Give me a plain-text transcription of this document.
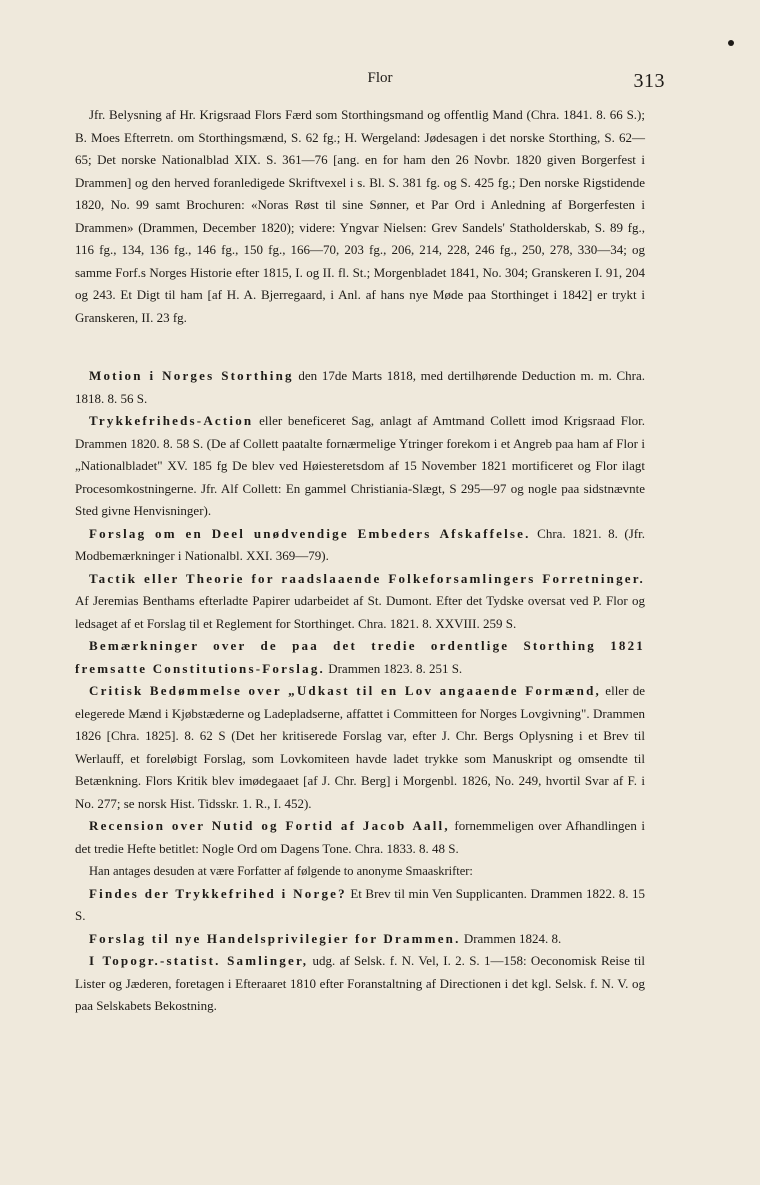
Flor	313

Jfr. Belysning af Hr. Krigsraad Flors Færd som Storthingsmand og offentlig Mand (Chra. 1841. 8. 66 S.); B. Moes Efterretn. om Storthingsmænd, S. 62 fg.; H. Wergeland: Jødesagen i det norske Storthing, S. 62—65; Det norske Nationalblad XIX. S. 361—76 [ang. en for ham den 26 Novbr. 1820 given Borgerfest i Drammen] og den herved foranledigede Skriftvexel i s. Bl. S. 381 fg. og S. 425 fg.; Den norske Rigstidende 1820, No. 99 samt Brochuren: «Noras Røst til sine Sønner, et Par Ord i Anledning af Borgerfesten i Drammen» (Drammen, December 1820); videre: Yngvar Nielsen: Grev Sandels' Statholderskab, S. 89 fg., 116 fg., 134, 136 fg., 146 fg., 150 fg., 166—70, 203 fg., 206, 214, 228, 246 fg., 250, 278, 330—34; og samme Forf.s Norges Historie efter 1815, I. og II. fl. St.; Morgenbladet 1841, No. 304; Granskeren I. 91, 204 og 243. Et Digt til ham [af H. A. Bjerregaard, i Anl. af hans nye Møde paa Storthinget i 1842] er trykt i Granskeren, II. 23 fg.

Motion i Norges Storthing den 17de Marts 1818, med dertilhørende Deduction m. m. Chra. 1818. 8. 56 S.

Trykkefriheds-Action eller beneficeret Sag, anlagt af Amtmand Collett imod Krigsraad Flor. Drammen 1820. 8. 58 S. (De af Collett paatalte fornærmelige Ytringer forekom i et Angreb paa ham af Flor i „Nationalbladet" XV. 185 fg De blev ved Høiesteretsdom af 15 November 1821 mortificeret og Flor ilagt Procesomkostningerne. Jfr. Alf Collett: En gammel Christiania-Slægt, S 295—97 og nogle paa sidstnævnte Sted givne Henvisninger).

Forslag om en Deel unødvendige Embeders Afskaffelse. Chra. 1821. 8. (Jfr. Modbemærkninger i Nationalbl. XXI. 369—79).

Tactik eller Theorie for raadslaaende Folkeforsamlingers Forretninger. Af Jeremias Benthams efterladte Papirer udarbeidet af St. Dumont. Efter det Tydske oversat ved P. Flor og ledsaget af et Forslag til et Reglement for Storthinget. Chra. 1821. 8. XXVIII. 259 S.

Bemærkninger over de paa det tredie ordentlige Storthing 1821 fremsatte Constitutions-Forslag. Drammen 1823. 8. 251 S.

Critisk Bedømmelse over „Udkast til en Lov angaaende Formænd, eller de elegerede Mænd i Kjøbstæderne og Ladepladserne, affattet i Committeen for Norges Lovgivning". Drammen 1826 [Chra. 1825]. 8. 62 S (Det her kritiserede Forslag var, efter J. Chr. Bergs Oplysning i et Brev til Werlauff, et foreløbigt Forslag, som Lovkomiteen havde ladet trykke som Manuskript og omsendte til Betænkning. Flors Kritik blev imødegaaet [af J. Chr. Berg] i Morgenbl. 1826, No. 249, hvortil Svar af F. i No. 277; se norsk Hist. Tidsskr. 1. R., I. 452).

Recension over Nutid og Fortid af Jacob Aall, fornemmeligen over Afhandlingen i det tredie Hefte betitlet: Nogle Ord om Dagens Tone. Chra. 1833. 8. 48 S.

Han antages desuden at være Forfatter af følgende to anonyme Smaaskrifter:

Findes der Trykkefrihed i Norge? Et Brev til min Ven Supplicanten. Drammen 1822. 8. 15 S.

Forslag til nye Handelsprivilegier for Drammen. Drammen 1824. 8.

I Topogr.-statist. Samlinger, udg. af Selsk. f. N. Vel, I. 2. S. 1—158: Oeconomisk Reise til Lister og Jæderen, foretagen i Efteraaret 1810 efter Foranstaltning af Directionen i det kgl. Selsk. f. N. V. og paa Selskabets Bekostning.
